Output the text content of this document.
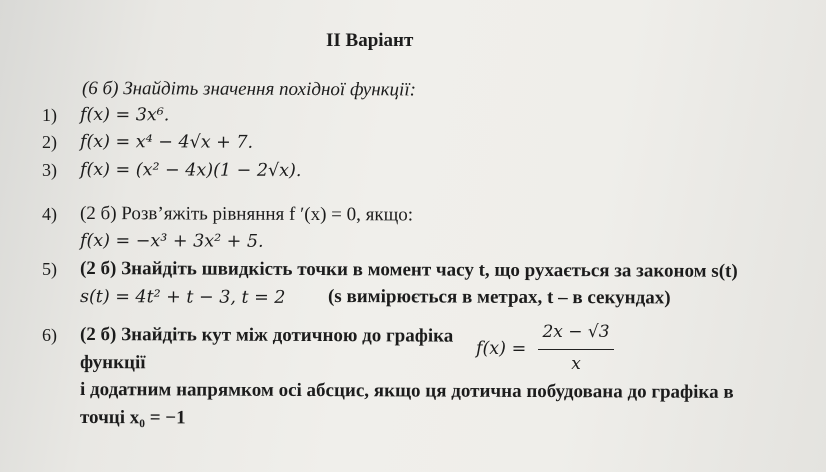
II Варіант
(6 б) Знайдіть значення похідної функції:
1) f(x) = 3x⁶.
2) f(x) = x⁴ − 4√x + 7.
3) f(x) = (x² − 4x)(1 − 2√x).
4) (2 б) Розв’яжіть рівняння f ′(x) = 0, якщо:
f(x) = −x³ + 3x² + 5.
5) (2 б) Знайдіть швидкість точки в момент часу t, що рухається за законом s(t)
s(t) = 4t² + t − 3, t = 2 (s вимірюється в метрах, t – в секундах)
6) (2 б) Знайдіть кут між дотичною до графіка
функції
f(x) =
2x − √3
x
і додатним напрямком осі абсцис, якщо ця дотична побудована до графіка в
точці x₀ = −1
